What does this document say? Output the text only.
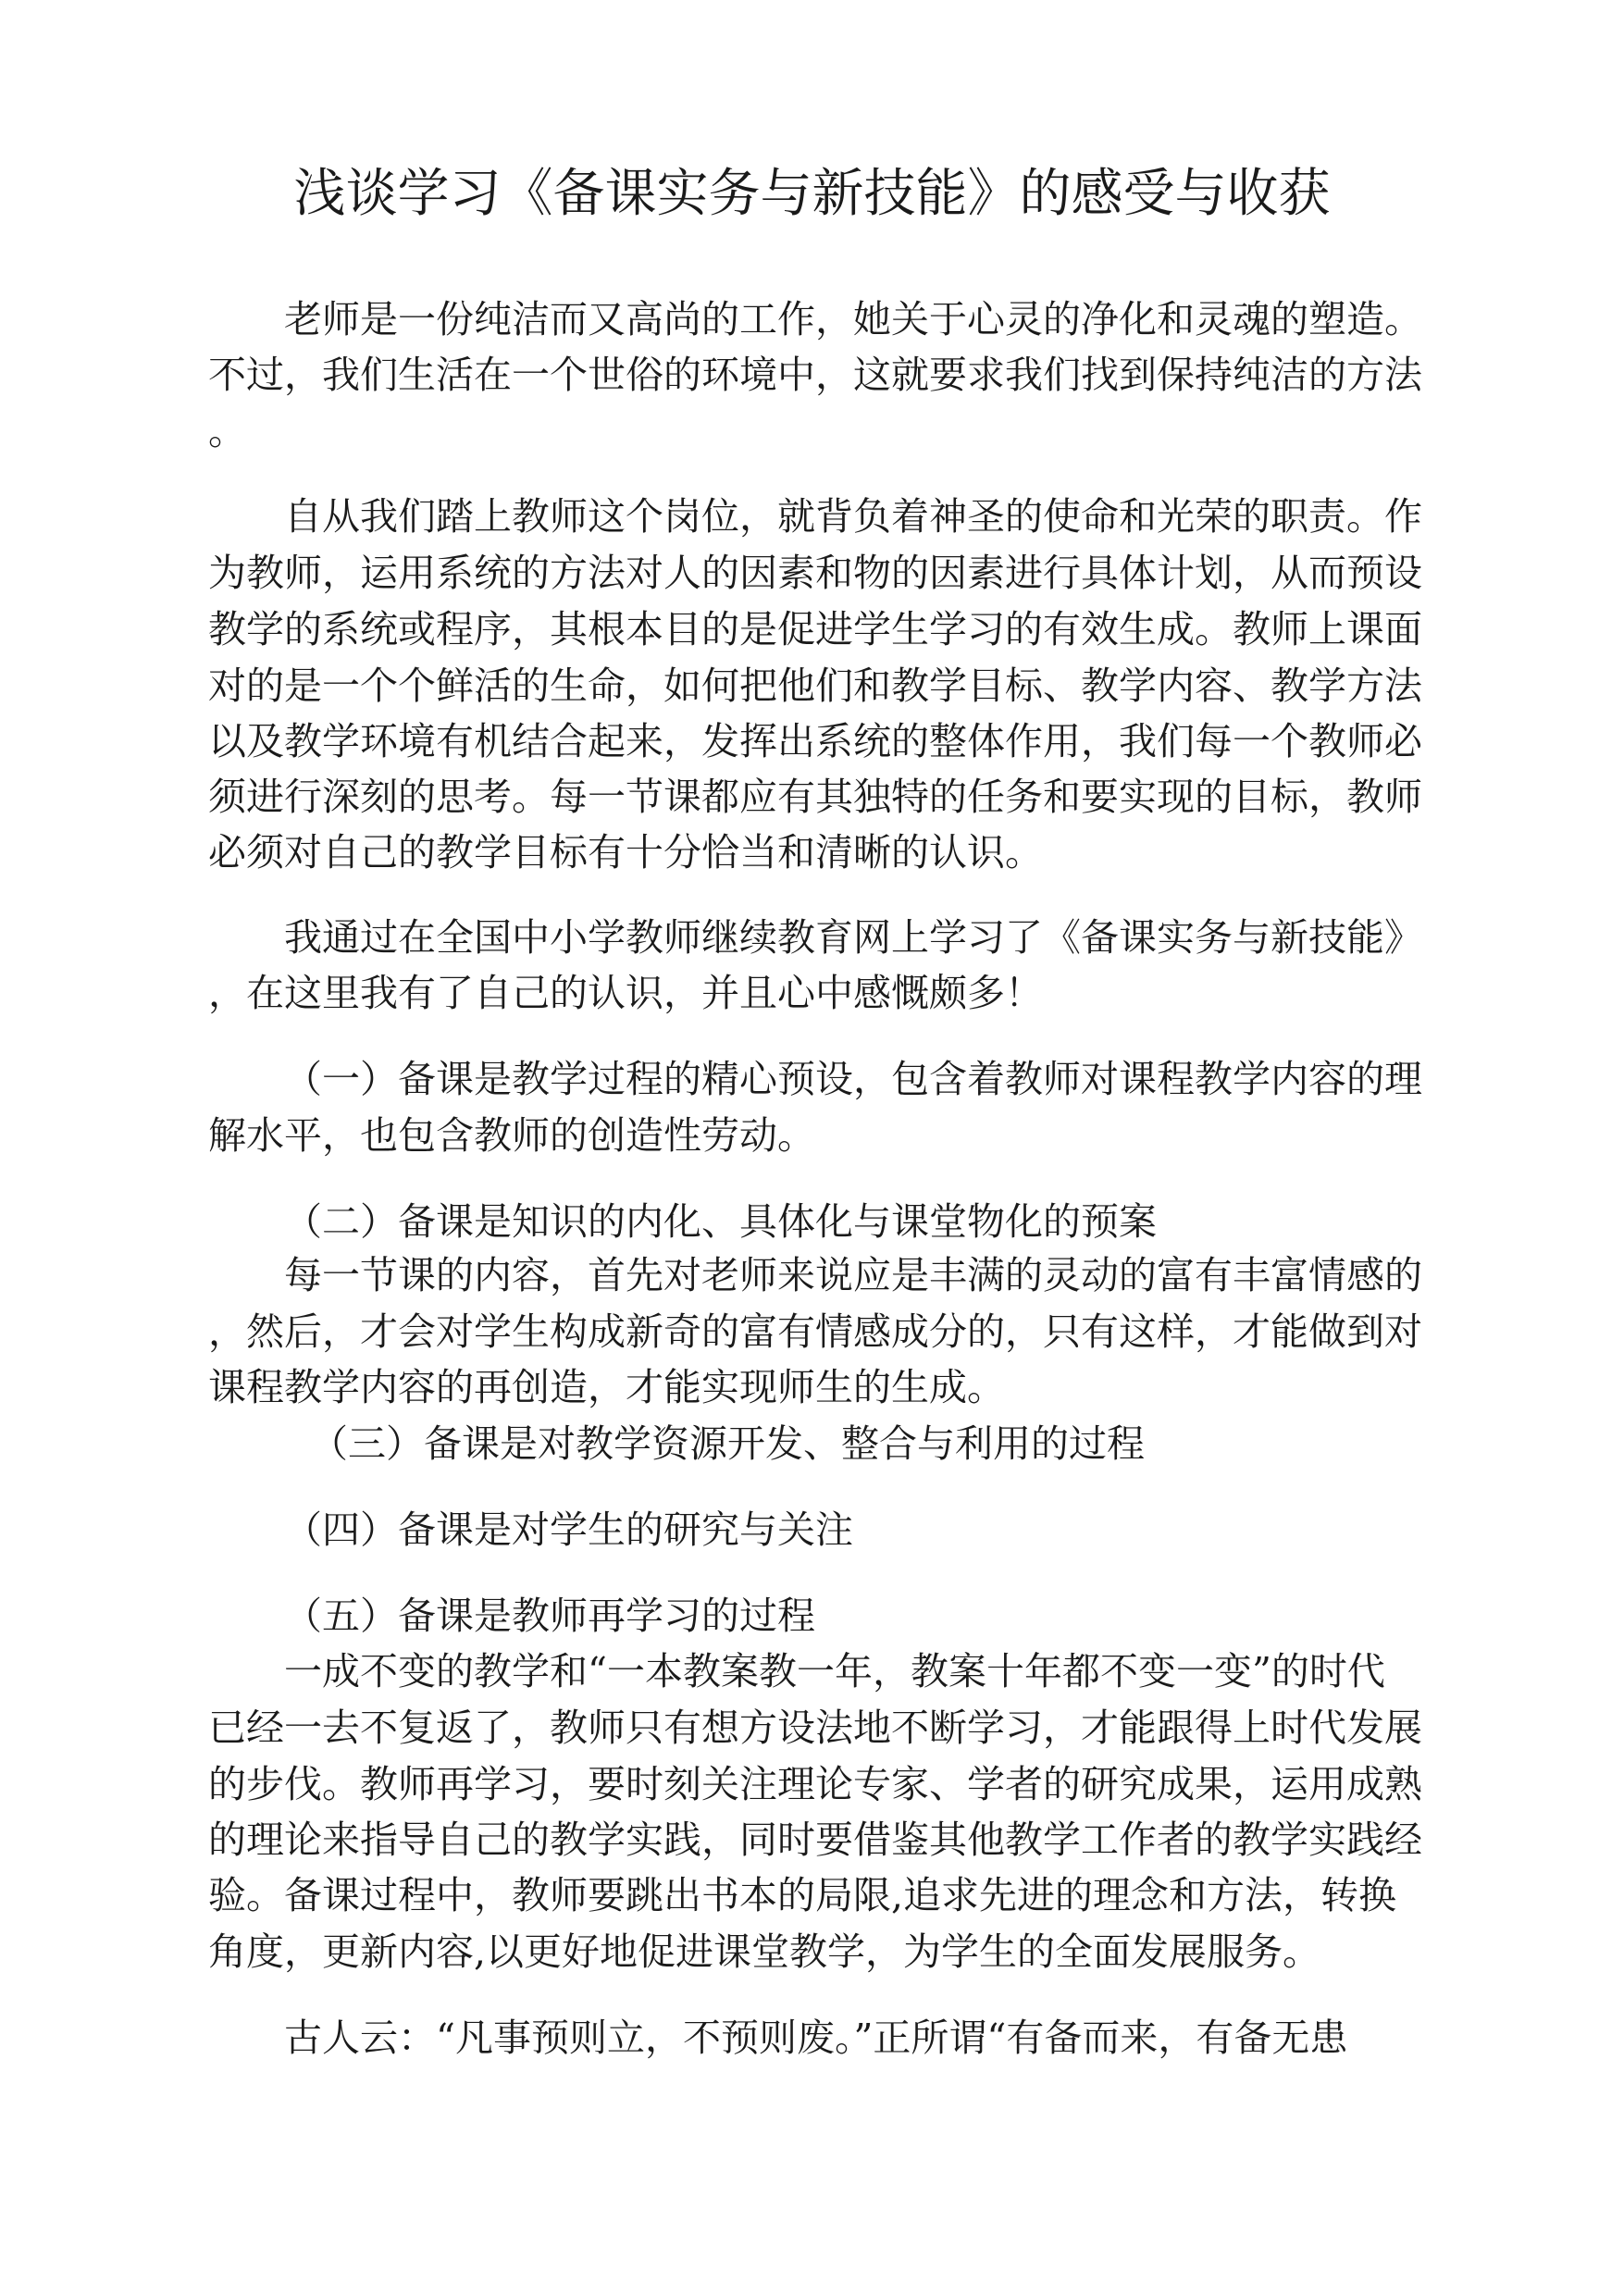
浅谈学习《备课实务与新技能》的感受与收获
老师是一份纯洁而又高尚的工作，她关于心灵的净化和灵魂的塑造。
不过，我们生活在一个世俗的环境中，这就要求我们找到保持纯洁的方法
。
自从我们踏上教师这个岗位，就背负着神圣的使命和光荣的职责。作
为教师，运用系统的方法对人的因素和物的因素进行具体计划，从而预设
教学的系统或程序，其根本目的是促进学生学习的有效生成。教师上课面
对的是一个个鲜活的生命，如何把他们和教学目标、教学内容、教学方法
以及教学环境有机结合起来，发挥出系统的整体作用，我们每一个教师必
须进行深刻的思考。每一节课都应有其独特的任务和要实现的目标，教师
必须对自己的教学目标有十分恰当和清晰的认识。
我通过在全国中小学教师继续教育网上学习了《备课实务与新技能》
，在这里我有了自己的认识，并且心中感慨颇多！
（一）备课是教学过程的精心预设，包含着教师对课程教学内容的理
解水平，也包含教师的创造性劳动。
（二）备课是知识的内化、具体化与课堂物化的预案
每一节课的内容，首先对老师来说应是丰满的灵动的富有丰富情感的
，然后，才会对学生构成新奇的富有情感成分的，只有这样，才能做到对
课程教学内容的再创造，才能实现师生的生成。
（三）备课是对教学资源开发、整合与利用的过程
（四）备课是对学生的研究与关注
（五）备课是教师再学习的过程
一成不变的教学和“一本教案教一年，教案十年都不变一变”的时代
已经一去不复返了，教师只有想方设法地不断学习，才能跟得上时代发展
的步伐。教师再学习，要时刻关注理论专家、学者的研究成果，运用成熟
的理论来指导自己的教学实践，同时要借鉴其他教学工作者的教学实践经
验。备课过程中，教师要跳出书本的局限,追求先进的理念和方法，转换
角度，更新内容,以更好地促进课堂教学，为学生的全面发展服务。
古人云：“凡事预则立，不预则废。”正所谓“有备而来，有备无患
